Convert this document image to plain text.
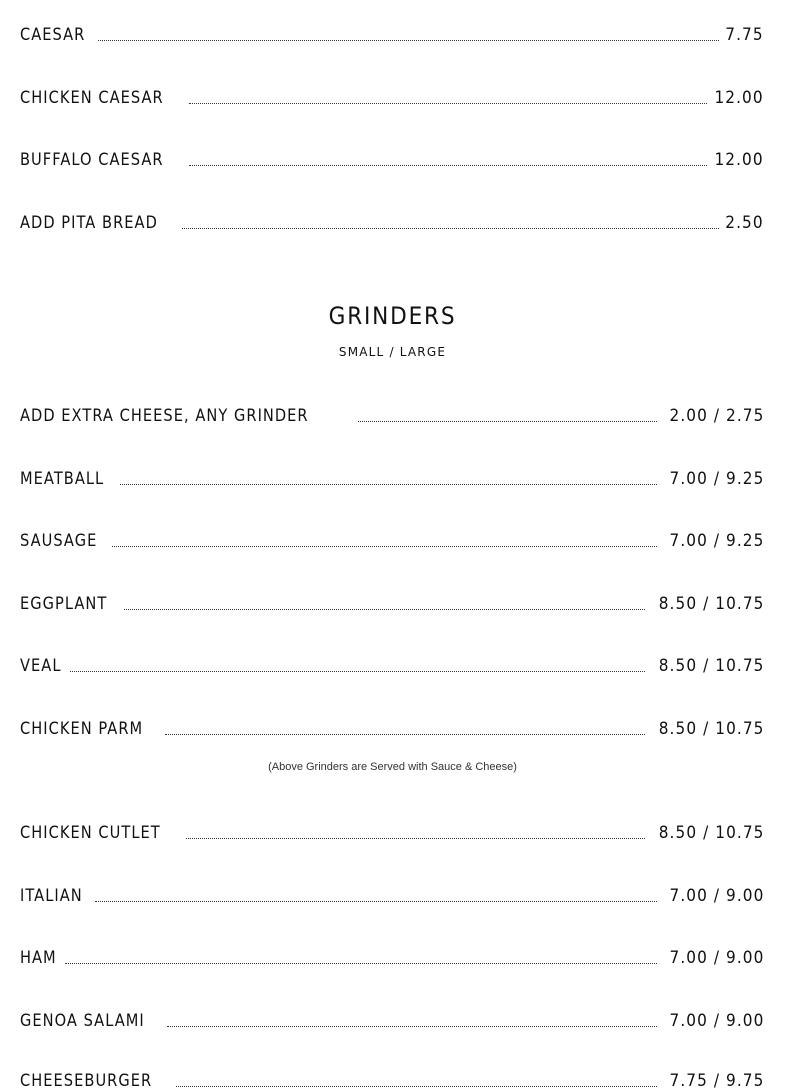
CAESAR	7.75
CHICKEN CAESAR	12.00
BUFFALO CAESAR	12.00
ADD PITA BREAD	2.50
GRINDERS
SMALL / LARGE
ADD EXTRA CHEESE, ANY GRINDER	2.00 / 2.75
MEATBALL	7.00 / 9.25
SAUSAGE	7.00 / 9.25
EGGPLANT	8.50 / 10.75
VEAL	8.50 / 10.75
CHICKEN PARM	8.50 / 10.75
(Above Grinders are Served with Sauce & Cheese)
CHICKEN CUTLET	8.50 / 10.75
ITALIAN	7.00 / 9.00
HAM	7.00 / 9.00
GENOA SALAMI	7.00 / 9.00
CHEESEBURGER	7.75 / 9.75
